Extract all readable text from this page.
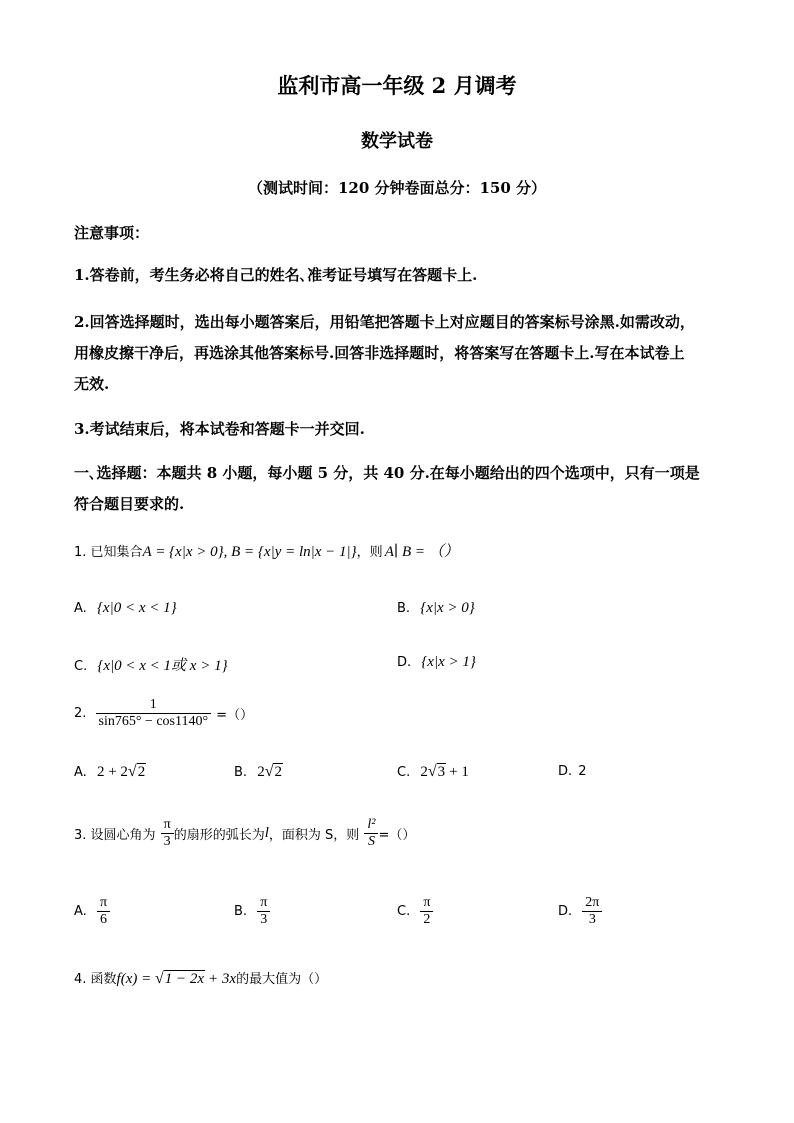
监利市高一年级 2 月调考
数学试卷
（测试时间：120 分钟卷面总分：150 分）
注意事项：
1.答卷前，考生务必将自己的姓名､准考证号填写在答题卡上.
2.回答选择题时，选出每小题答案后，用铅笔把答题卡上对应题目的答案标号涂黑.如需改动，
用橡皮擦干净后，再选涂其他答案标号.回答非选择题时，将答案写在答题卡上.写在本试卷上
无效.
3.考试结束后，将本试卷和答题卡一并交回.
一､选择题：本题共 8 小题，每小题 5 分，共 40 分.在每小题给出的四个选项中，只有一项是
符合题目要求的.
1. 已知集合A = {x|x > 0}, B = {x|y = ln|x − 1|}，则 A∣ B = （）
A. {x|0 < x < 1}	B. {x|x > 0}
C. {x|0 < x < 1或 x > 1}	D. {x|x > 1}
2. $\frac{1}{\sin 765^\circ - \cos 1140^\circ}$ =（）
A. 2 + 2√2	B. 2√2	C. 2√3 + 1	D. 2
3. 设圆心角为 $\frac{\pi}{3}$ 的扇形的弧长为l，面积为 S，则 $\frac{\text{l²}}{S}$ =（）
A. $\frac{\pi}{6}$	B. $\frac{\pi}{3}$	C. $\frac{\pi}{2}$	D. $\frac{2\pi}{3}$
4. 函数f(x) = √1 − 2x + 3x的最大值为（）
